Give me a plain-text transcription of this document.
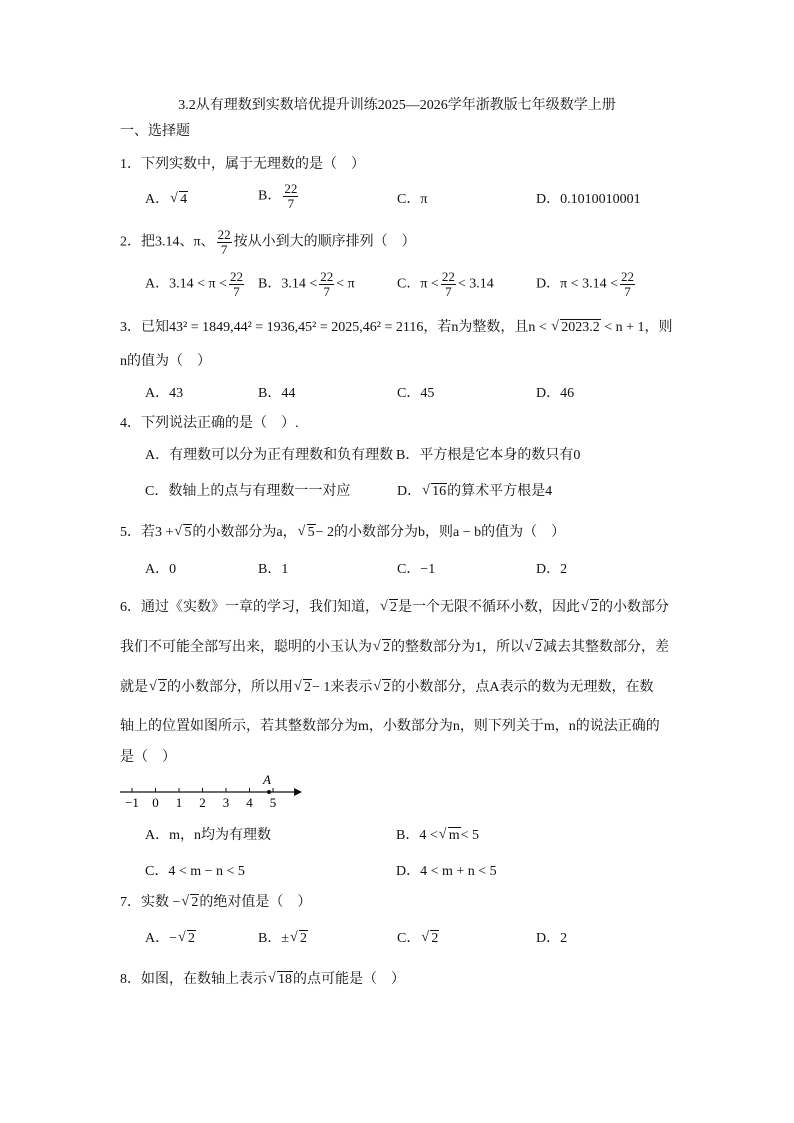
3.2从有理数到实数培优提升训练2025—2026学年浙教版七年级数学上册
一、选择题
1．下列实数中，属于无理数的是（　）
A． √ 4	B． $\frac{22}{7}$	C．π	D．0.1010010001
2．把3.14、π、 $\frac{22}{7}$ 按从小到大的顺序排列（　）
A．$3.14 < \pi < \frac{22}{7}$ B．$3.14 < \frac{22}{7} < \pi$	C．$\pi < \frac{22}{7} < 3.14$	D．$\pi < 3.14 < \frac{22}{7}$
3．已知43² = 1849,44² = 1936,45² = 2025,46² = 2116，若n为整数，且n < √ 2023.2 < n + 1，则
n的值为（　）
A．43	B．44	C．45	D．46
4．下列说法正确的是（　）.
A．有理数可以分为正有理数和负有理数 B．平方根是它本身的数只有0
C．数轴上的点与有理数一一对应	D． √ 16的算术平方根是4
5．若3 + √ 5的小数部分为a， √ 5− 2的小数部分为b，则a − b的值为（　）
A．0	B．1	C．−1	D．2
6．通过《实数》一章的学习，我们知道， √ 2是一个无限不循环小数，因此 √ 2的小数部分
我们不可能全部写出来，聪明的小玉认为 √ 2的整数部分为1，所以 √ 2减去其整数部分，差
就是 √ 2的小数部分，所以用 √ 2− 1来表示 √ 2的小数部分，点A表示的数为无理数，在数
轴上的位置如图所示，若其整数部分为m，小数部分为n，则下列关于m，n的说法正确的
是（　）
−1 0 1 2 3 4 5
A
A．m，n均为有理数	B．4 < √ m< 5
C．4 < m − n < 5	D．4 < m + n < 5
7．实数 − √ 2的绝对值是（　）
A．− √ 2	B．± √ 2	C． √ 2	D．2
8．如图，在数轴上表示 √ 18的点可能是（　）
